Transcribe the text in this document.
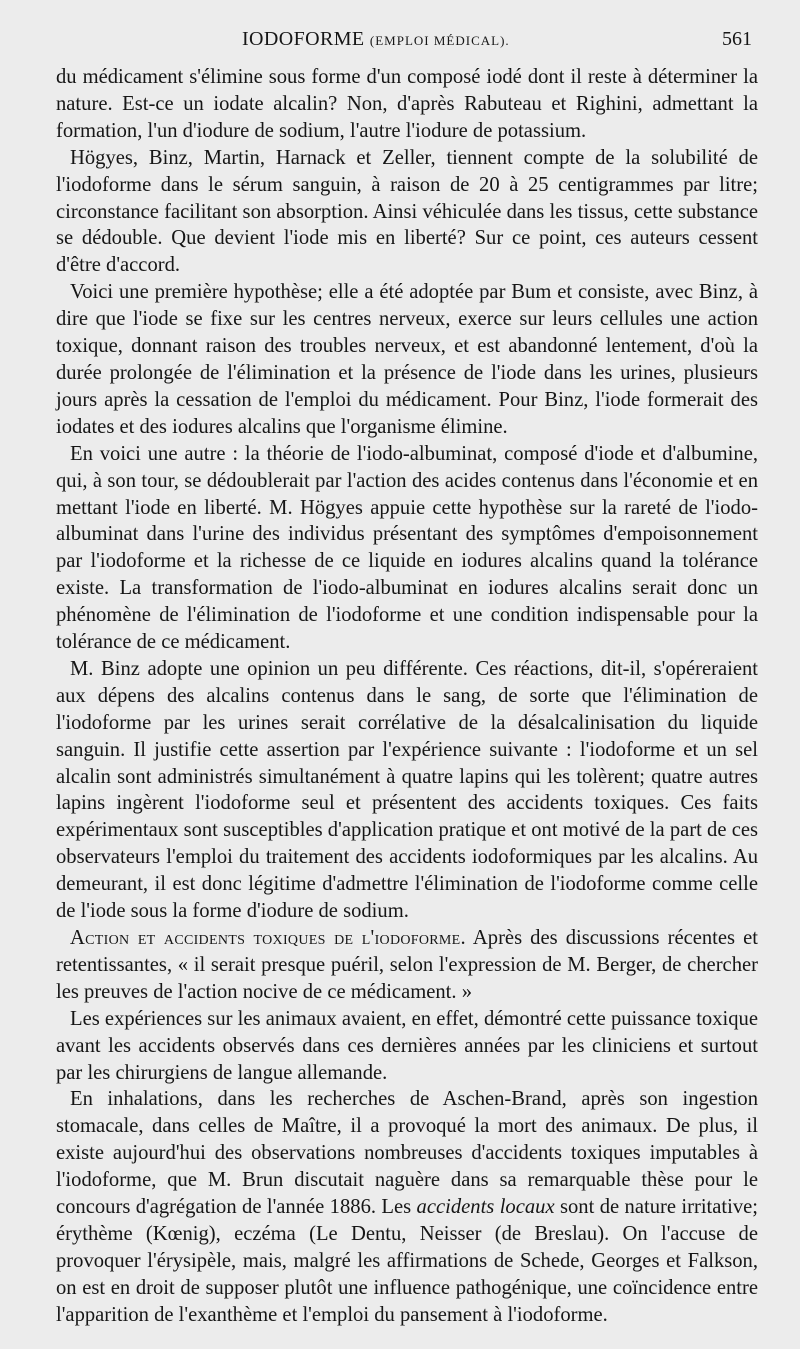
IODOFORME (EMPLOI MÉDICAL).	561

du médicament s'élimine sous forme d'un composé iodé dont il reste à déterminer la nature. Est-ce un iodate alcalin? Non, d'après Rabuteau et Righini, admettant la formation, l'un d'iodure de sodium, l'autre l'iodure de potassium.

Högyes, Binz, Martin, Harnack et Zeller, tiennent compte de la solubilité de l'iodoforme dans le sérum sanguin, à raison de 20 à 25 centigrammes par litre; circonstance facilitant son absorption. Ainsi véhiculée dans les tissus, cette substance se dédouble. Que devient l'iode mis en liberté? Sur ce point, ces auteurs cessent d'être d'accord.

Voici une première hypothèse; elle a été adoptée par Bum et consiste, avec Binz, à dire que l'iode se fixe sur les centres nerveux, exerce sur leurs cellules une action toxique, donnant raison des troubles nerveux, et est abandonné lentement, d'où la durée prolongée de l'élimination et la présence de l'iode dans les urines, plusieurs jours après la cessation de l'emploi du médicament. Pour Binz, l'iode formerait des iodates et des iodures alcalins que l'organisme élimine.

En voici une autre : la théorie de l'iodo-albuminat, composé d'iode et d'albumine, qui, à son tour, se dédoublerait par l'action des acides contenus dans l'économie et en mettant l'iode en liberté. M. Högyes appuie cette hypothèse sur la rareté de l'iodo-albuminat dans l'urine des individus présentant des symptômes d'empoisonnement par l'iodoforme et la richesse de ce liquide en iodures alcalins quand la tolérance existe. La transformation de l'iodo-albuminat en iodures alcalins serait donc un phénomène de l'élimination de l'iodoforme et une condition indispensable pour la tolérance de ce médicament.

M. Binz adopte une opinion un peu différente. Ces réactions, dit-il, s'opéreraient aux dépens des alcalins contenus dans le sang, de sorte que l'élimination de l'iodoforme par les urines serait corrélative de la désalcalinisation du liquide sanguin. Il justifie cette assertion par l'expérience suivante : l'iodoforme et un sel alcalin sont administrés simultanément à quatre lapins qui les tolèrent; quatre autres lapins ingèrent l'iodoforme seul et présentent des accidents toxiques. Ces faits expérimentaux sont susceptibles d'application pratique et ont motivé de la part de ces observateurs l'emploi du traitement des accidents iodoformiques par les alcalins. Au demeurant, il est donc légitime d'admettre l'élimination de l'iodoforme comme celle de l'iode sous la forme d'iodure de sodium.

Action et accidents toxiques de l'iodoforme. Après des discussions récentes et retentissantes, « il serait presque puéril, selon l'expression de M. Berger, de chercher les preuves de l'action nocive de ce médicament. »

Les expériences sur les animaux avaient, en effet, démontré cette puissance toxique avant les accidents observés dans ces dernières années par les cliniciens et surtout par les chirurgiens de langue allemande.

En inhalations, dans les recherches de Aschen-Brand, après son ingestion stomacale, dans celles de Maître, il a provoqué la mort des animaux. De plus, il existe aujourd'hui des observations nombreuses d'accidents toxiques imputables à l'iodoforme, que M. Brun discutait naguère dans sa remarquable thèse pour le concours d'agrégation de l'année 1886. Les accidents locaux sont de nature irritative; érythème (Kœnig), eczéma (Le Dentu, Neisser (de Breslau). On l'accuse de provoquer l'érysipèle, mais, malgré les affirmations de Schede, Georges et Falkson, on est en droit de supposer plutôt une influence pathogénique, une coïncidence entre l'apparition de l'exanthème et l'emploi du pansement à l'iodoforme.
